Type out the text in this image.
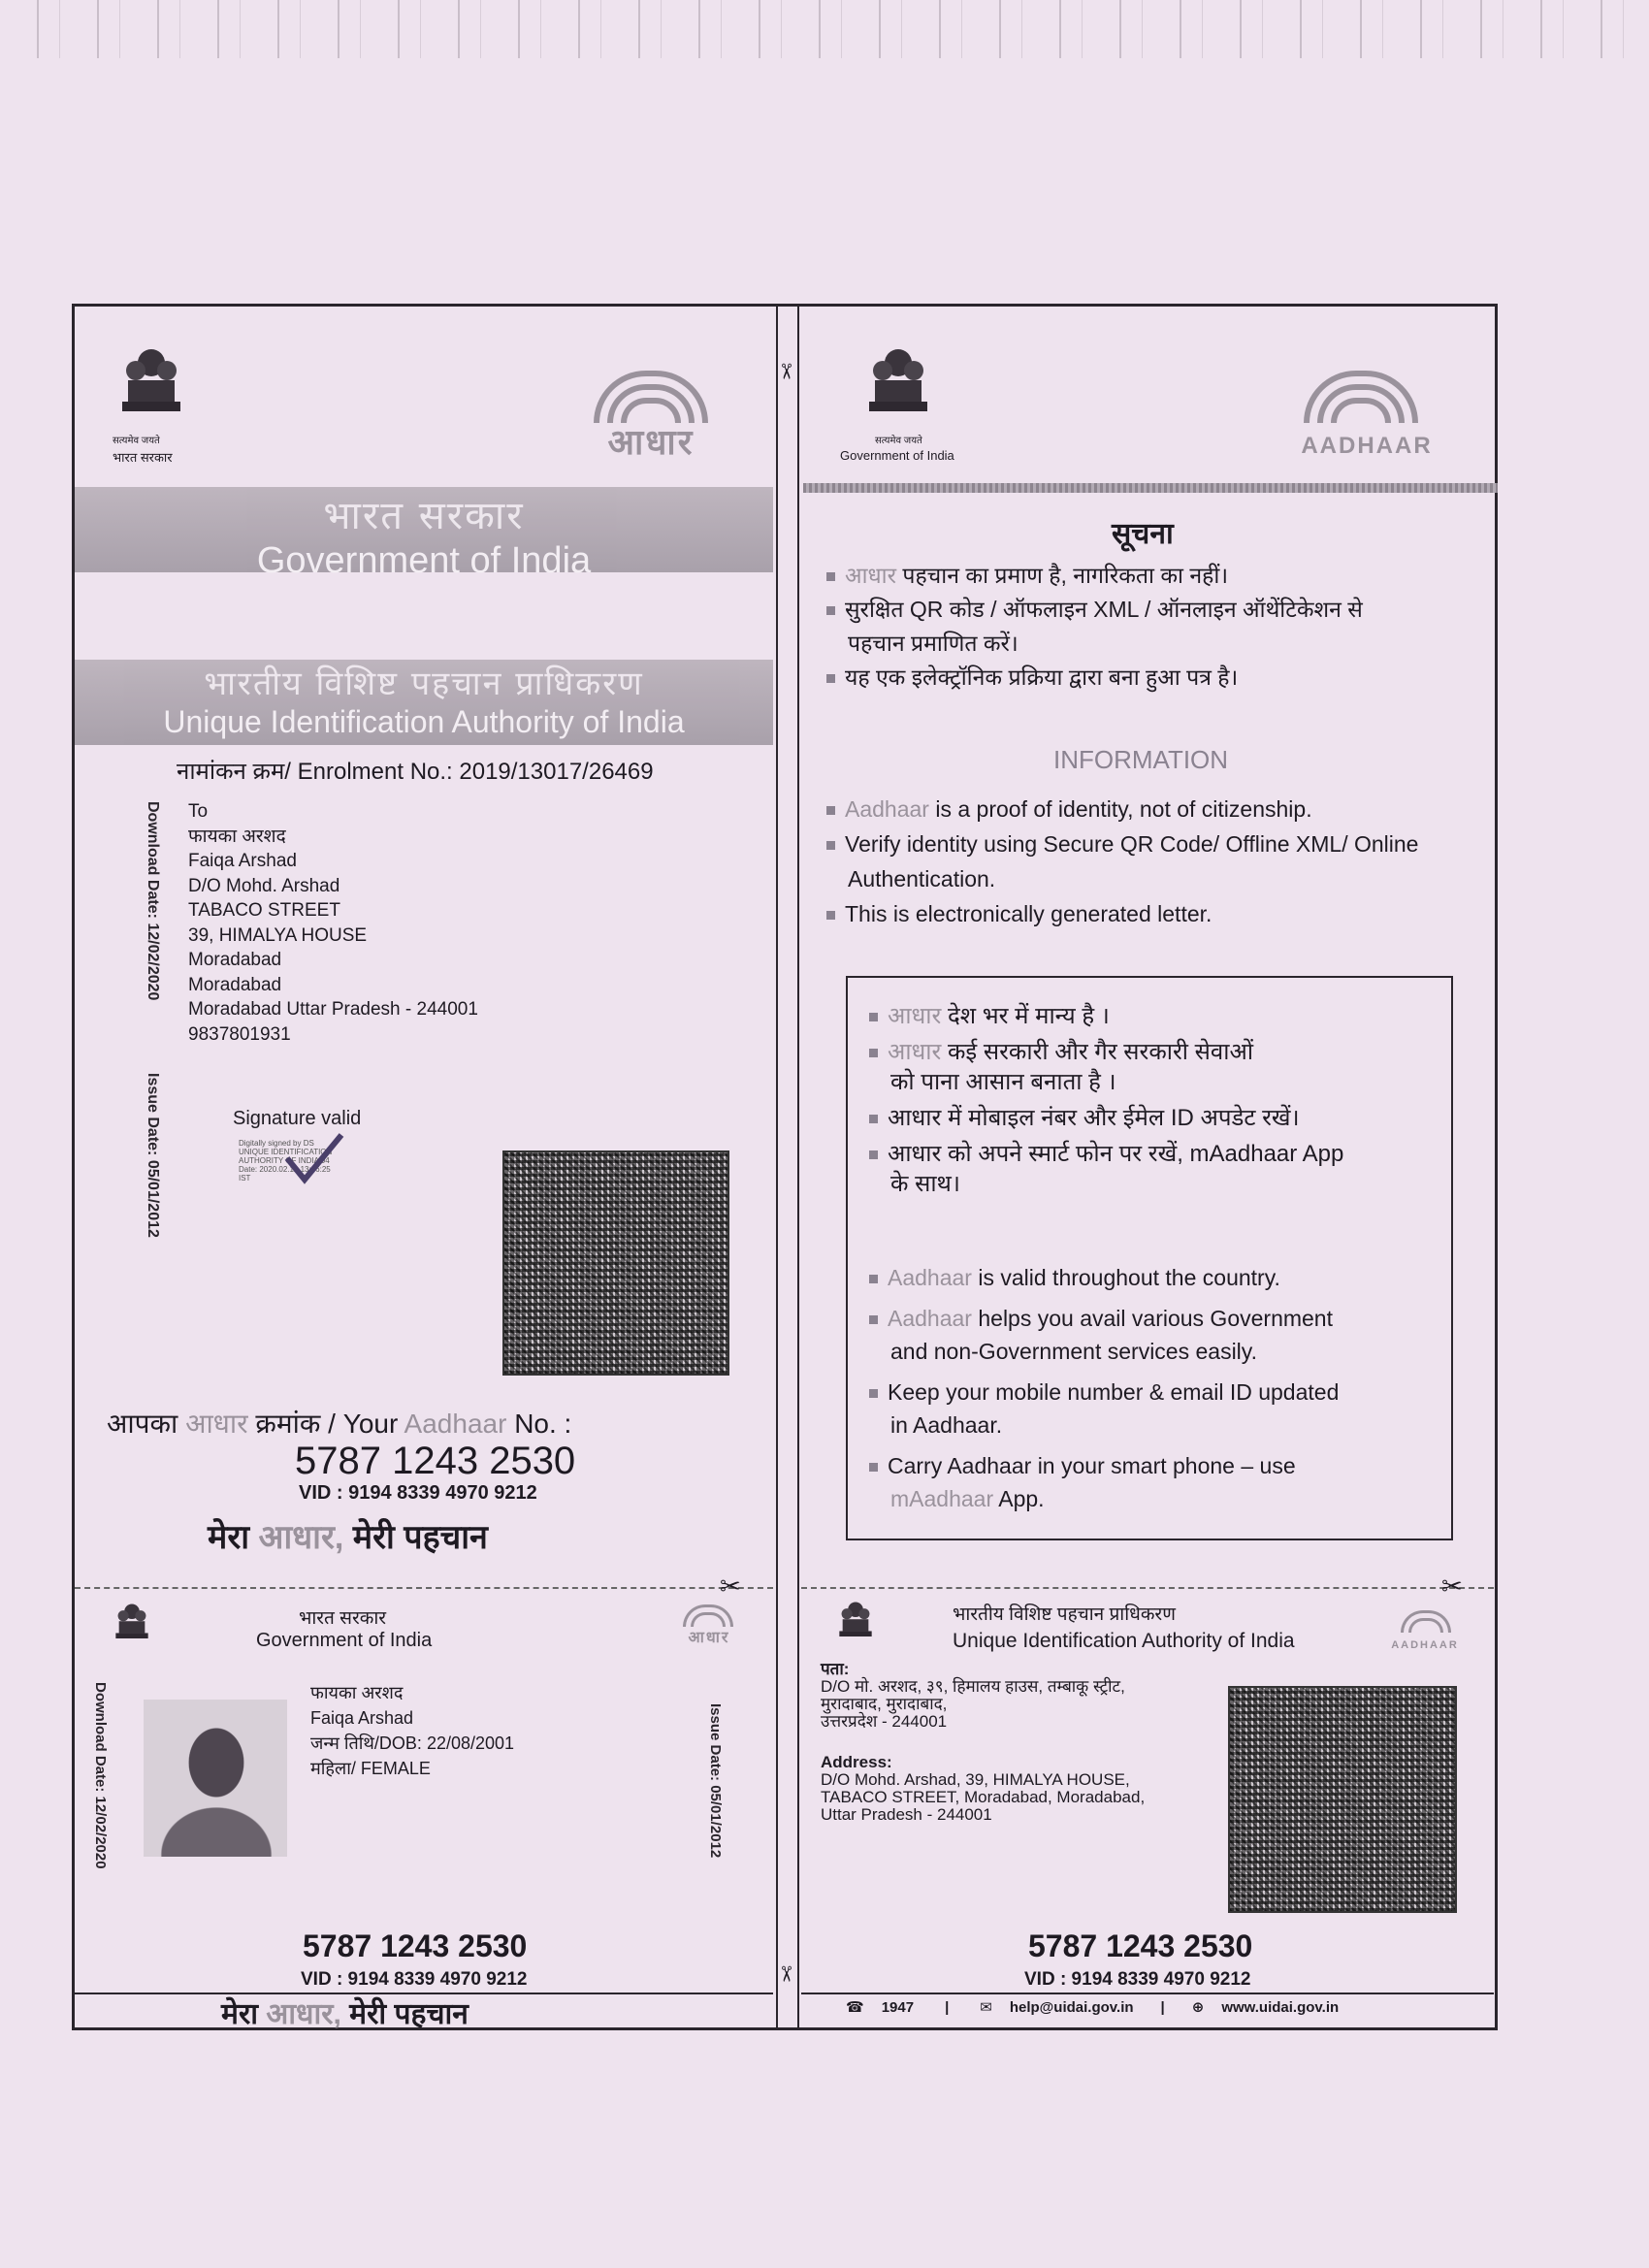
✂	✂
✂
✂
सत्यमेव जयते
भारत सरकार	आधार
भारत सरकार
Government of India
भारतीय विशिष्ट पहचान प्राधिकरण
Unique Identification Authority of India
नामांकन क्रम/ Enrolment No.: 2019/13017/26469
Download Date: 12/02/2020
Issue Date: 05/01/2012
To
फायका अरशद
Faiqa Arshad
D/O Mohd. Arshad
TABACO STREET
39, HIMALYA HOUSE
Moradabad
Moradabad
Moradabad Uttar Pradesh - 244001
9837801931
Signature valid
Digitally signed by DS
UNIQUE IDENTIFICATION
AUTHORITY OF INDIA 04
Date: 2020.02.12 13:46:25
IST
आपका आधार क्रमांक / Your Aadhaar No. :
5787 1243 2530
VID : 9194 8339 4970 9212
मेरा आधार, मेरी पहचान
सत्यमेव जयते
Government of India	AADHAAR
सूचना
आधार पहचान का प्रमाण है, नागरिकता का नहीं।
सुरक्षित QR कोड / ऑफलाइन XML / ऑनलाइन ऑथेंटिकेशन से
पहचान प्रमाणित करें।
यह एक इलेक्ट्रॉनिक प्रक्रिया द्वारा बना हुआ पत्र है।
INFORMATION
Aadhaar is a proof of identity, not of citizenship.
Verify identity using Secure QR Code/ Offline XML/ Online
Authentication.
This is electronically generated letter.
आधार देश भर में मान्य है ।
आधार कई सरकारी और गैर सरकारी सेवाओं
को पाना आसान बनाता है ।
आधार में मोबाइल नंबर और ईमेल ID अपडेट रखें।
आधार को अपने स्मार्ट फोन पर रखें, mAadhaar App
के साथ।
Aadhaar is valid throughout the country.
Aadhaar helps you avail various Government
and non-Government services easily.
Keep your mobile number & email ID updated
in Aadhaar.
Carry Aadhaar in your smart phone – use
mAadhaar App.
भारत सरकार
Government of India	आधार
Download Date: 12/02/2020	Issue Date: 05/01/2012
फायका अरशद
Faiqa Arshad
जन्म तिथि/DOB: 22/08/2001
महिला/ FEMALE
5787 1243 2530
VID : 9194 8339 4970 9212
मेरा आधार, मेरी पहचान
भारतीय विशिष्ट पहचान प्राधिकरण
Unique Identification Authority of India	AADHAAR
पता:
D/O मो. अरशद, ३९, हिमालय हाउस, तम्बाकू स्ट्रीट,
मुरादाबाद, मुरादाबाद,
उत्तरप्रदेश - 244001
Address:
D/O Mohd. Arshad, 39, HIMALYA HOUSE,
TABACO STREET, Moradabad, Moradabad,
Uttar Pradesh - 244001
5787 1243 2530
VID : 9194 8339 4970 9212
☎ 1947 | ✉ help@uidai.gov.in | ⊕ www.uidai.gov.in
